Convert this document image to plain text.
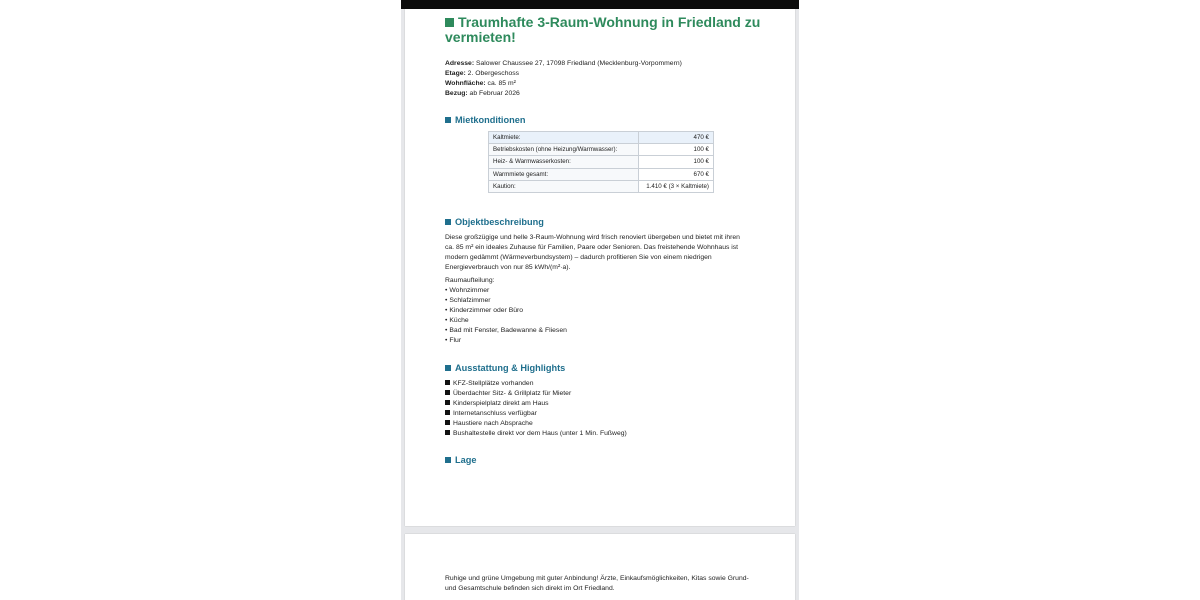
Traumhafte 3-Raum-Wohnung in Friedland zu vermieten!
Adresse: Salower Chaussee 27, 17098 Friedland (Mecklenburg-Vorpommern)
Etage: 2. Obergeschoss
Wohnfläche: ca. 85 m²
Bezug: ab Februar 2026
Mietkonditionen
Kaltmiete:	470 €
Betriebskosten (ohne Heizung/Warmwasser):	100 €
Heiz- & Warmwasserkosten:	100 €
Warmmiete gesamt:	670 €
Kaution:	1.410 € (3 × Kaltmiete)
Objektbeschreibung

Diese großzügige und helle 3-Raum-Wohnung wird frisch renoviert übergeben und bietet mit ihren ca. 85 m² ein ideales Zuhause für Familien, Paare oder Senioren. Das freistehende Wohnhaus ist modern gedämmt (Wärmeverbundsystem) – dadurch profitieren Sie von einem niedrigen Energieverbrauch von nur 85 kWh/(m²·a).

Raumaufteilung:
• Wohnzimmer
• Schlafzimmer
• Kinderzimmer oder Büro
• Küche
• Bad mit Fenster, Badewanne & Fliesen
• Flur
Ausstattung & Highlights
KFZ-Stellplätze vorhanden
Überdachter Sitz- & Grillplatz für Mieter
Kinderspielplatz direkt am Haus
Internetanschluss verfügbar
Haustiere nach Absprache
Bushaltestelle direkt vor dem Haus (unter 1 Min. Fußweg)
Lage

Ruhige und grüne Umgebung mit guter Anbindung! Ärzte, Einkaufsmöglichkeiten, Kitas sowie Grund- und Gesamtschule befinden sich direkt im Ort Friedland.
